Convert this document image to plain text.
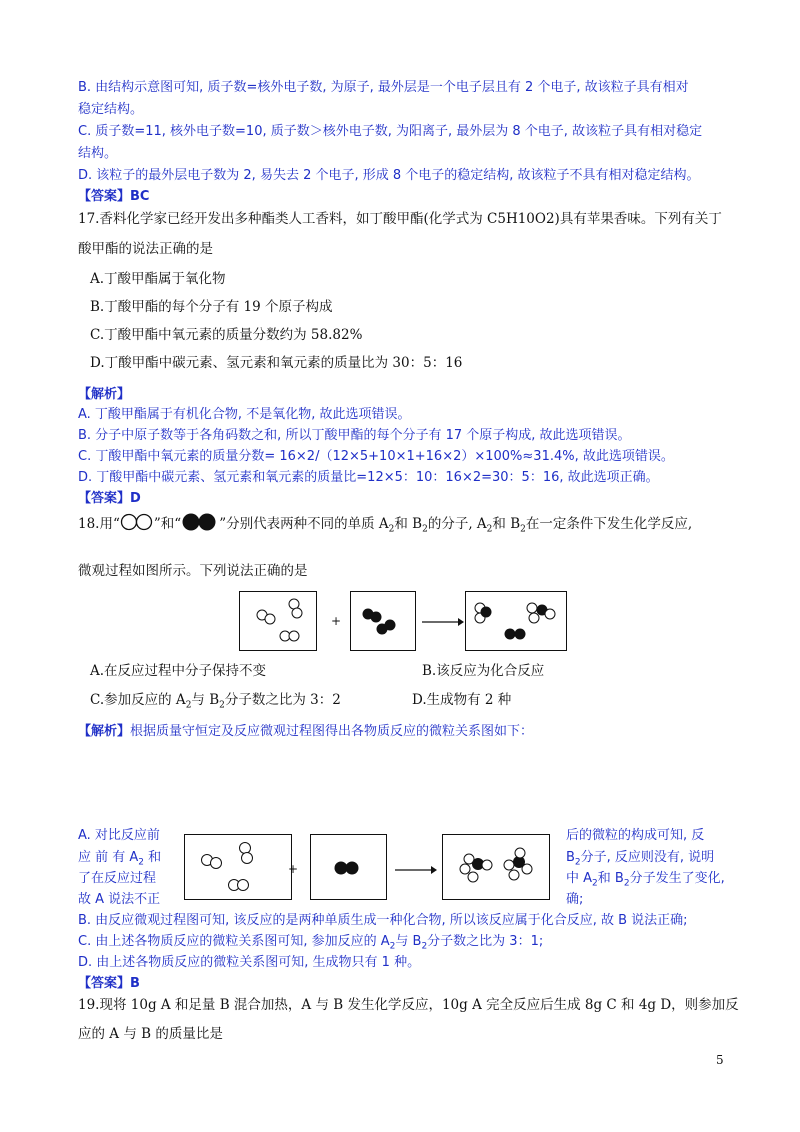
B. 由结构示意图可知, 质子数=核外电子数, 为原子, 最外层是一个电子层且有 2 个电子, 故该粒子具有相对
稳定结构。
C. 质子数=11, 核外电子数=10, 质子数＞核外电子数, 为阳离子, 最外层为 8 个电子, 故该粒子具有相对稳定
结构。
D. 该粒子的最外层电子数为 2, 易失去 2 个电子, 形成 8 个电子的稳定结构, 故该粒子不具有相对稳定结构。
【答案】BC
17.香料化学家已经开发出多种酯类人工香料，如丁酸甲酯(化学式为 C5H10O2)具有苹果香味。下列有关丁
酸甲酯的说法正确的是
A.丁酸甲酯属于氧化物
B.丁酸甲酯的每个分子有 19 个原子构成
C.丁酸甲酯中氧元素的质量分数约为 58.82%
D.丁酸甲酯中碳元素、氢元素和氧元素的质量比为 30：5：16
【解析】
A. 丁酸甲酯属于有机化合物, 不是氧化物, 故此选项错误。
B. 分子中原子数等于各角码数之和, 所以丁酸甲酯的每个分子有 17 个原子构成, 故此选项错误。
C. 丁酸甲酯中氧元素的质量分数= 16×2/（12×5+10×1+16×2）×100%≈31.4%, 故此选项错误。
D. 丁酸甲酯中碳元素、氢元素和氧元素的质量比=12×5：10：16×2=30：5：16, 故此选项正确。
【答案】D
18.用“	”和“	”分别代表两种不同的单质 $A_2$和 $B_2$的分子, $A_2$和 $B_2$在一定条件下发生化学反应,
微观过程如图所示。下列说法正确的是
+
A.在反应过程中分子保持不变	B.该反应为化合反应
C.参加反应的 $A_2$与 $B_2$分子数之比为 3：2	D.生成物有 2 种
【解析】根据质量守恒定及反应微观过程图得出各物质反应的微粒关系图如下：
A. 对比反应前
应 前 有 $A_2$ 和
了在反应过程
故 A 说法不正
+
后的微粒的构成可知, 反
$B_2$分子, 反应则没有, 说明
中 $A_2$和 $B_2$分子发生了变化,
确;
B. 由反应微观过程图可知, 该反应的是两种单质生成一种化合物, 所以该反应属于化合反应, 故 B 说法正确;
C. 由上述各物质反应的微粒关系图可知, 参加反应的 $A_2$与 $B_2$分子数之比为 3：1;
D. 由上述各物质反应的微粒关系图可知, 生成物只有 1 种。
【答案】B
19.现将 10g A 和足量 B 混合加热，A 与 B 发生化学反应，10g A 完全反应后生成 8g C 和 4g D，则参加反
应的 A 与 B 的质量比是
5
